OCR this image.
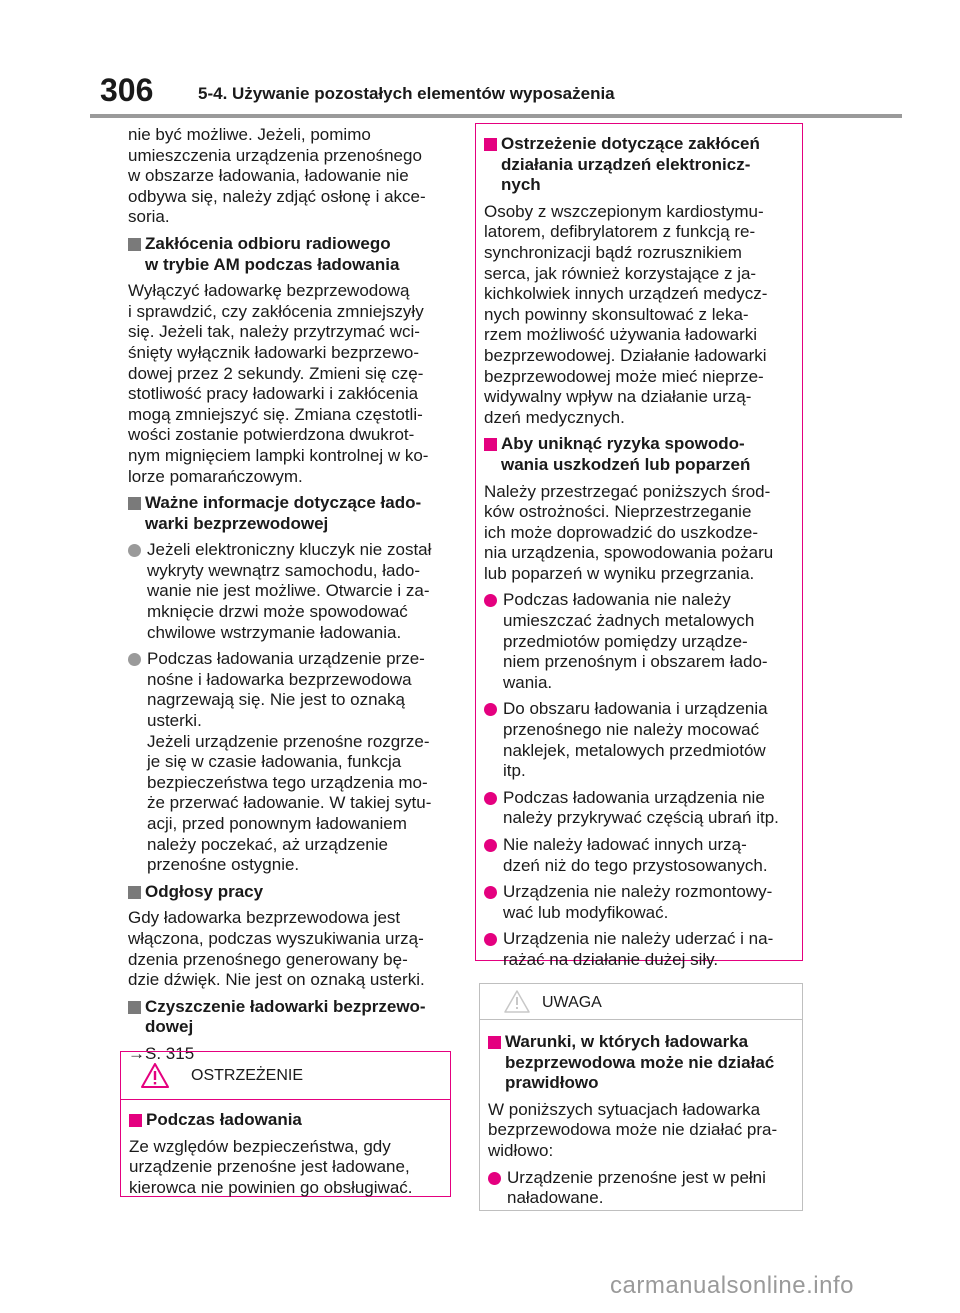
306	5-4. Używanie pozostałych elementów wyposażenia

nie być możliwe. Jeżeli, pomimo

umieszczenia urządzenia przenośnego

w obszarze ładowania, ładowanie nie

odbywa się, należy zdjąć osłonę i akce-

soria.

Zakłócenia odbioru radiowego

w trybie AM podczas ładowania

Wyłączyć ładowarkę bezprzewodową

i sprawdzić, czy zakłócenia zmniejszyły

się. Jeżeli tak, należy przytrzymać wci-

śnięty wyłącznik ładowarki bezprzewo-

dowej przez 2 sekundy. Zmieni się czę-

stotliwość pracy ładowarki i zakłócenia

mogą zmniejszyć się. Zmiana częstotli-

wości zostanie potwierdzona dwukrot-

nym mignięciem lampki kontrolnej w ko-

lorze pomarańczowym.

Ważne informacje dotyczące łado-

warki bezprzewodowej

Jeżeli elektroniczny kluczyk nie został

wykryty wewnątrz samochodu, łado-

wanie nie jest możliwe. Otwarcie i za-

mknięcie drzwi może spowodować

chwilowe wstrzymanie ładowania.

Podczas ładowania urządzenie prze-

nośne i ładowarka bezprzewodowa

nagrzewają się. Nie jest to oznaką

usterki.

Jeżeli urządzenie przenośne rozgrze-

je się w czasie ładowania, funkcja

bezpieczeństwa tego urządzenia mo-

że przerwać ładowanie. W takiej sytu-

acji, przed ponownym ładowaniem

należy poczekać, aż urządzenie

przenośne ostygnie.

Odgłosy pracy

Gdy ładowarka bezprzewodowa jest

włączona, podczas wyszukiwania urzą-

dzenia przenośnego generowany bę-

dzie dźwięk. Nie jest on oznaką usterki.

Czyszczenie ładowarki bezprzewo-

dowej

→S. 315

OSTRZEŻENIE

Podczas ładowania

Ze względów bezpieczeństwa, gdy

urządzenie przenośne jest ładowane,

kierowca nie powinien go obsługiwać.

Ostrzeżenie dotyczące zakłóceń

działania urządzeń elektronicz-

nych

Osoby z wszczepionym kardiostymu-

latorem, defibrylatorem z funkcją re-

synchronizacji bądź rozrusznikiem

serca, jak również korzystające z ja-

kichkolwiek innych urządzeń medycz-

nych powinny skonsultować z leka-

rzem możliwość używania ładowarki

bezprzewodowej. Działanie ładowarki

bezprzewodowej może mieć nieprze-

widywalny wpływ na działanie urzą-

dzeń medycznych.

Aby uniknąć ryzyka spowodo-

wania uszkodzeń lub poparzeń

Należy przestrzegać poniższych środ-

ków ostrożności. Nieprzestrzeganie

ich może doprowadzić do uszkodze-

nia urządzenia, spowodowania pożaru

lub poparzeń w wyniku przegrzania.

Podczas ładowania nie należy

umieszczać żadnych metalowych

przedmiotów pomiędzy urządze-

niem przenośnym i obszarem łado-

wania.

Do obszaru ładowania i urządzenia

przenośnego nie należy mocować

naklejek, metalowych przedmiotów

itp.

Podczas ładowania urządzenia nie

należy przykrywać częścią ubrań itp.

Nie należy ładować innych urzą-

dzeń niż do tego przystosowanych.

Urządzenia nie należy rozmontowy-

wać lub modyfikować.

Urządzenia nie należy uderzać i na-

rażać na działanie dużej siły.

UWAGA

Warunki, w których ładowarka

bezprzewodowa może nie działać

prawidłowo

W poniższych sytuacjach ładowarka

bezprzewodowa może nie działać pra-

widłowo:

Urządzenie przenośne jest w pełni

naładowane.

carmanualsonline.info
